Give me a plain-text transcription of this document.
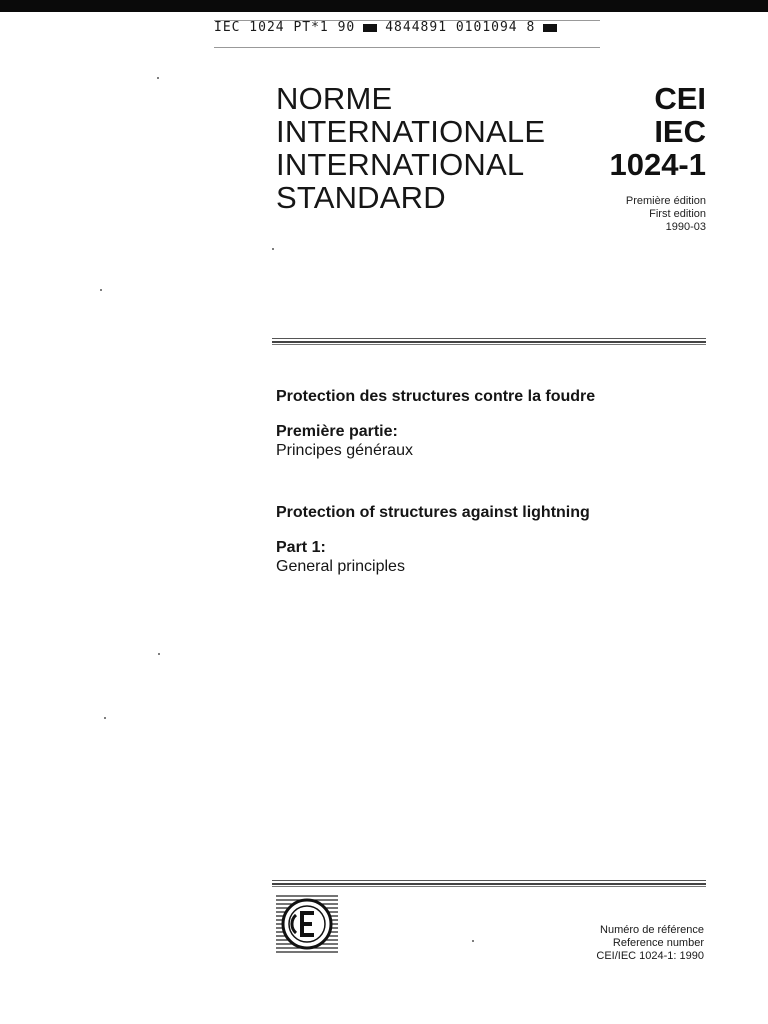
IEC 1024 PT*1 90 4844891 0101094 8
NORME
INTERNATIONALE
INTERNATIONAL
STANDARD
CEI
IEC
1024-1
Première édition
First edition
1990-03
Protection des structures contre la foudre
Première partie:
Principes généraux
Protection of structures against lightning
Part 1:
General principles
Numéro de référence
Reference number
CEI/IEC 1024-1: 1990
